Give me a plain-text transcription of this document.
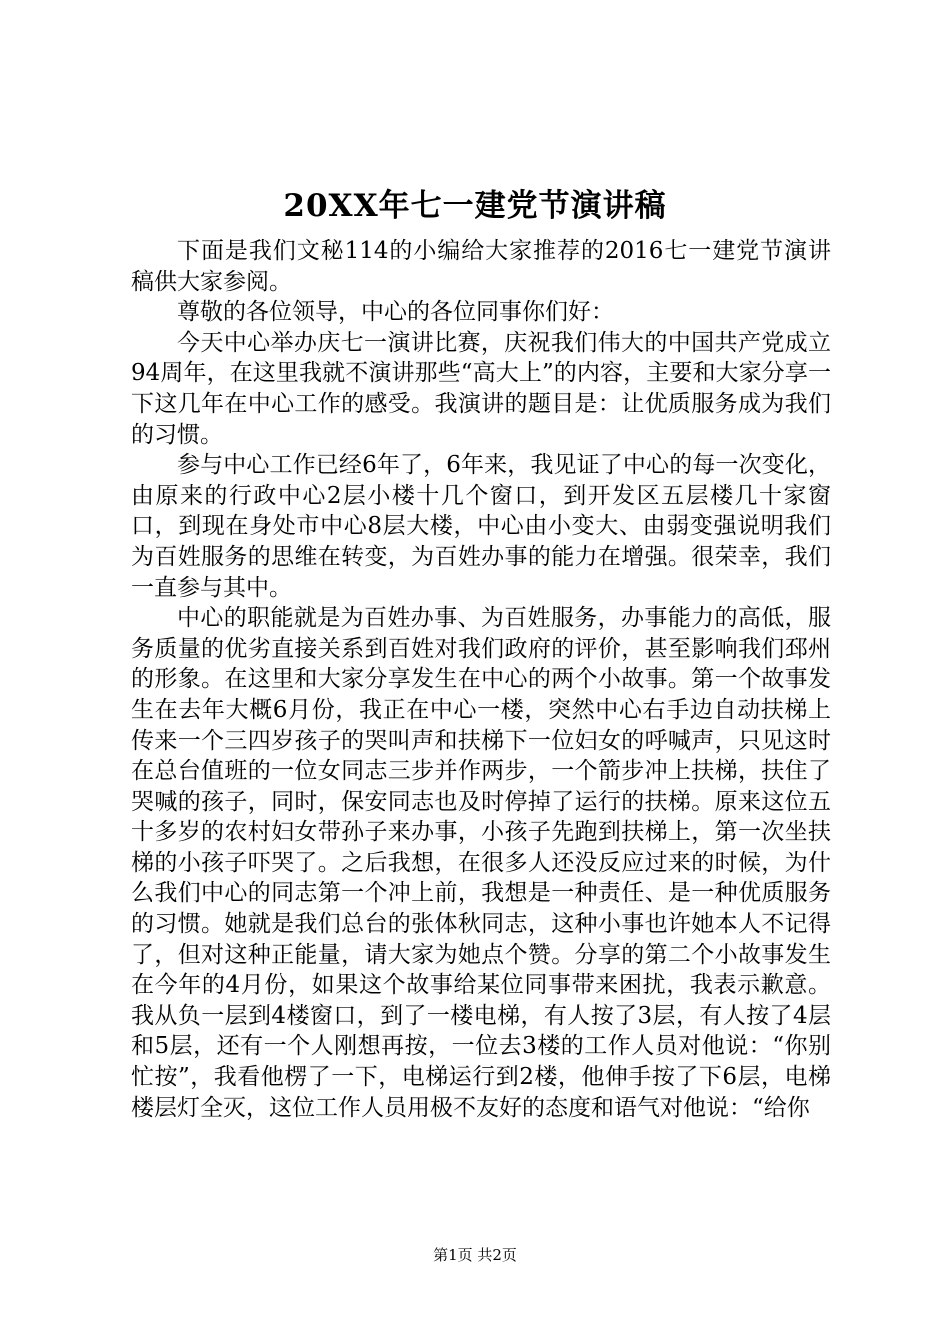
20XX年七一建党节演讲稿

下面是我们文秘114的小编给大家推荐的2016七一建党节演讲稿供大家参阅。

尊敬的各位领导，中心的各位同事你们好：

今天中心举办庆七一演讲比赛，庆祝我们伟大的中国共产党成立94周年，在这里我就不演讲那些“高大上”的内容，主要和大家分享一下这几年在中心工作的感受。我演讲的题目是：让优质服务成为我们的习惯。

参与中心工作已经6年了，6年来，我见证了中心的每一次变化，由原来的行政中心2层小楼十几个窗口，到开发区五层楼几十家窗口，到现在身处市中心8层大楼，中心由小变大、由弱变强说明我们为百姓服务的思维在转变，为百姓办事的能力在增强。很荣幸，我们一直参与其中。

中心的职能就是为百姓办事、为百姓服务，办事能力的高低，服务质量的优劣直接关系到百姓对我们政府的评价，甚至影响我们邳州的形象。在这里和大家分享发生在中心的两个小故事。第一个故事发生在去年大概6月份，我正在中心一楼，突然中心右手边自动扶梯上传来一个三四岁孩子的哭叫声和扶梯下一位妇女的呼喊声，只见这时在总台值班的一位女同志三步并作两步，一个箭步冲上扶梯，扶住了哭喊的孩子，同时，保安同志也及时停掉了运行的扶梯。原来这位五十多岁的农村妇女带孙子来办事，小孩子先跑到扶梯上，第一次坐扶梯的小孩子吓哭了。之后我想，在很多人还没反应过来的时候，为什么我们中心的同志第一个冲上前，我想是一种责任、是一种优质服务的习惯。她就是我们总台的张体秋同志，这种小事也许她本人不记得了，但对这种正能量，请大家为她点个赞。分享的第二个小故事发生在今年的4月份，如果这个故事给某位同事带来困扰，我表示歉意。我从负一层到4楼窗口，到了一楼电梯，有人按了3层，有人按了4层和5层，还有一个人刚想再按，一位去3楼的工作人员对他说：“你别忙按”，我看他楞了一下，电梯运行到2楼，他伸手按了下6层，电梯楼层灯全灭，这位工作人员用极不友好的态度和语气对他说：“给你

第1页 共2页
